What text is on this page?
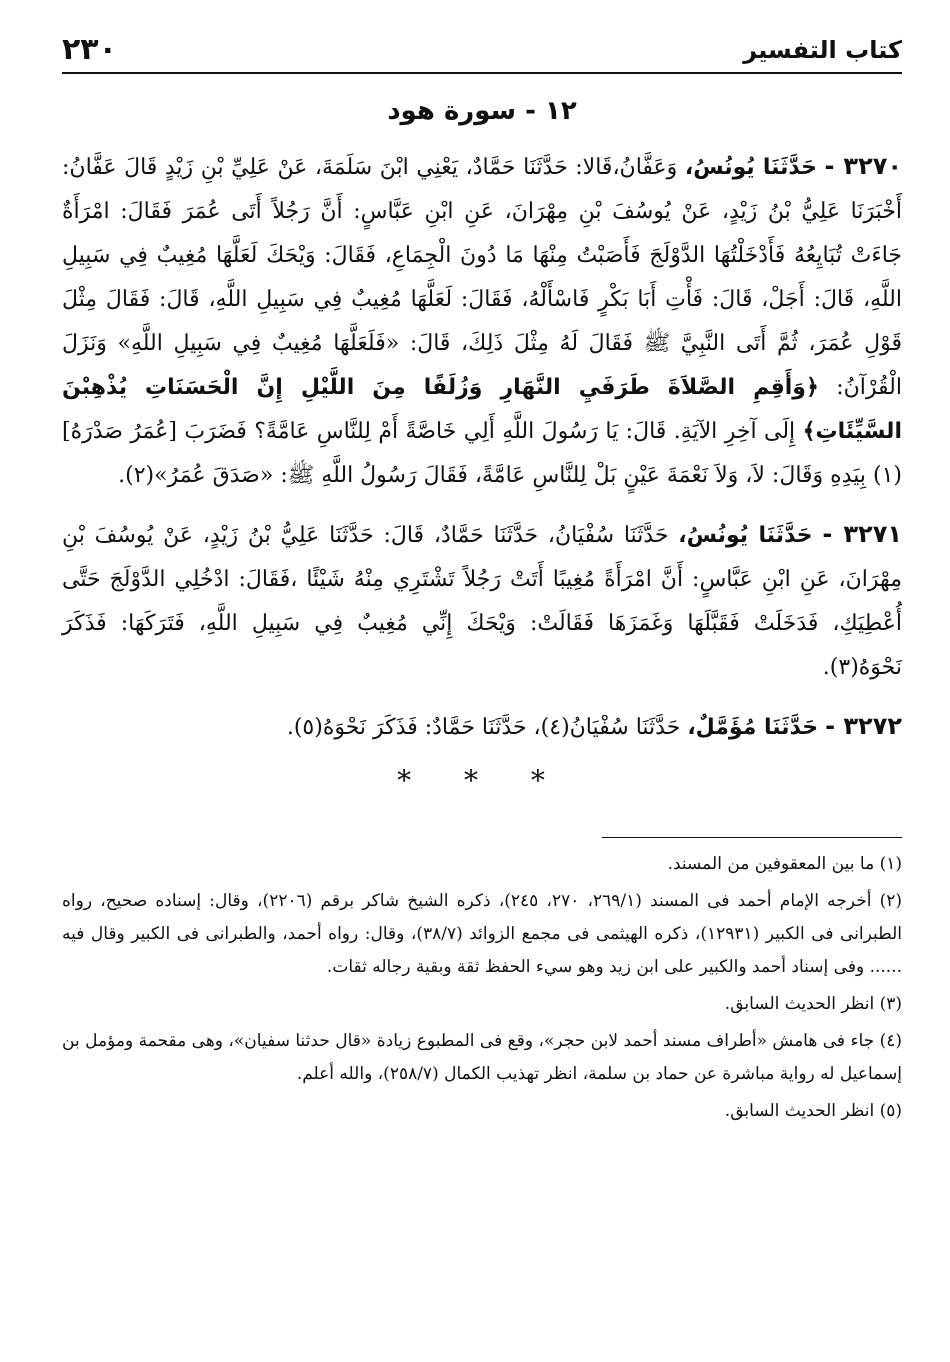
كتاب التفسير
٢٣٠
١٢ - سورة هود

٣٢٧٠ - حَدَّثَنَا يُونُسُ، وَعَفَّانُ،قَالا: حَدَّثَنَا حَمَّادٌ، يَعْنِي ابْنَ سَلَمَةَ، عَنْ عَلِيِّ بْنِ زَيْدٍ قَالَ عَفَّانُ: أَخْبَرَنَا عَلِيُّ بْنُ زَيْدٍ، عَنْ يُوسُفَ بْنِ مِهْرَانَ، عَنِ ابْنِ عَبَّاسٍ: أَنَّ رَجُلاً أَتَى عُمَرَ فَقَالَ: امْرَأَةٌ جَاءَتْ تُبَايِعُهُ فَأَدْخَلْتُهَا الدَّوْلَجَ فَأَصَبْتُ مِنْهَا مَا دُونَ الْجِمَاعِ، فَقَالَ: وَيْحَكَ لَعَلَّهَا مُغِيبٌ فِي سَبِيلِ اللَّهِ، قَالَ: أَجَلْ، قَالَ: فَأْتِ أَبَا بَكْرٍ فَاسْأَلْهُ، فَقَالَ: لَعَلَّهَا مُغِيبٌ فِي سَبِيلِ اللَّهِ، قَالَ: فَقَالَ مِثْلَ قَوْلِ عُمَرَ، ثُمَّ أَتَى النَّبِيَّ ﷺ فَقَالَ لَهُ مِثْلَ ذَلِكَ، قَالَ: «فَلَعَلَّهَا مُغِيبٌ فِي سَبِيلِ اللَّهِ» وَنَزَلَ الْقُرْآنُ: ﴿وَأَقِمِ الصَّلاَةَ طَرَفَيِ النَّهَارِ وَزُلَفًا مِنَ اللَّيْلِ إِنَّ الْحَسَنَاتِ يُذْهِبْنَ السَّيِّئَاتِ﴾ إِلَى آخِرِ الآيَةِ. قَالَ: يَا رَسُولَ اللَّهِ أَلِي خَاصَّةً أَمْ لِلنَّاسِ عَامَّةً؟ فَضَرَبَ [عُمَرُ صَدْرَهُ](١) بِيَدِهِ وَقَالَ: لاَ، وَلاَ نَعْمَةَ عَيْنٍ بَلْ لِلنَّاسِ عَامَّةً، فَقَالَ رَسُولُ اللَّهِ ﷺ: «صَدَقَ عُمَرُ»(٢).

٣٢٧١ - حَدَّثَنَا يُونُسُ، حَدَّثَنَا سُفْيَانُ، حَدَّثَنَا حَمَّادٌ، قَالَ: حَدَّثَنَا عَلِيُّ بْنُ زَيْدٍ، عَنْ يُوسُفَ بْنِ مِهْرَانَ، عَنِ ابْنِ عَبَّاسٍ: أَنَّ امْرَأَةً مُغِيبًا أَتَتْ رَجُلاً تَشْتَرِي مِنْهُ شَيْئًا ،فَقَالَ: ادْخُلِي الدَّوْلَجَ حَتَّى أُعْطِيَكِ، فَدَخَلَتْ فَقَبَّلَهَا وَغَمَزَهَا فَقَالَتْ: وَيْحَكَ إِنِّي مُغِيبٌ فِي سَبِيلِ اللَّهِ، فَتَرَكَهَا: فَذَكَرَ نَحْوَهُ(٣).

٣٢٧٢ - حَدَّثَنَا مُؤَمَّلٌ، حَدَّثَنَا سُفْيَانُ(٤)، حَدَّثَنَا حَمَّادٌ: فَذَكَرَ نَحْوَهُ(٥).

* * *

(١) ما بين المعقوفين من المسند.

(٢) أخرجه الإمام أحمد فى المسند (٢٦٩/١، ٢٧٠، ٢٤٥)، ذكره الشيخ شاكر برقم (٢٢٠٦)، وقال: إسناده صحيح، رواه الطبرانى فى الكبير (١٢٩٣١)، ذكره الهيثمى فى مجمع الزوائد (٣٨/٧)، وقال: رواه أحمد، والطبرانى فى الكبير وقال فيه ...... وفى إسناد أحمد والكبير على ابن زيد وهو سيء الحفظ ثقة وبقية رجاله ثقات.

(٣) انظر الحديث السابق.

(٤) جاء فى هامش «أطراف مسند أحمد لابن حجر»، وقع فى المطبوع زيادة «قال حدثنا سفيان»، وهى مقحمة ومؤمل بن إسماعيل له رواية مباشرة عن حماد بن سلمة، انظر تهذيب الكمال (٢٥٨/٧)، والله أعلم.

(٥) انظر الحديث السابق.
